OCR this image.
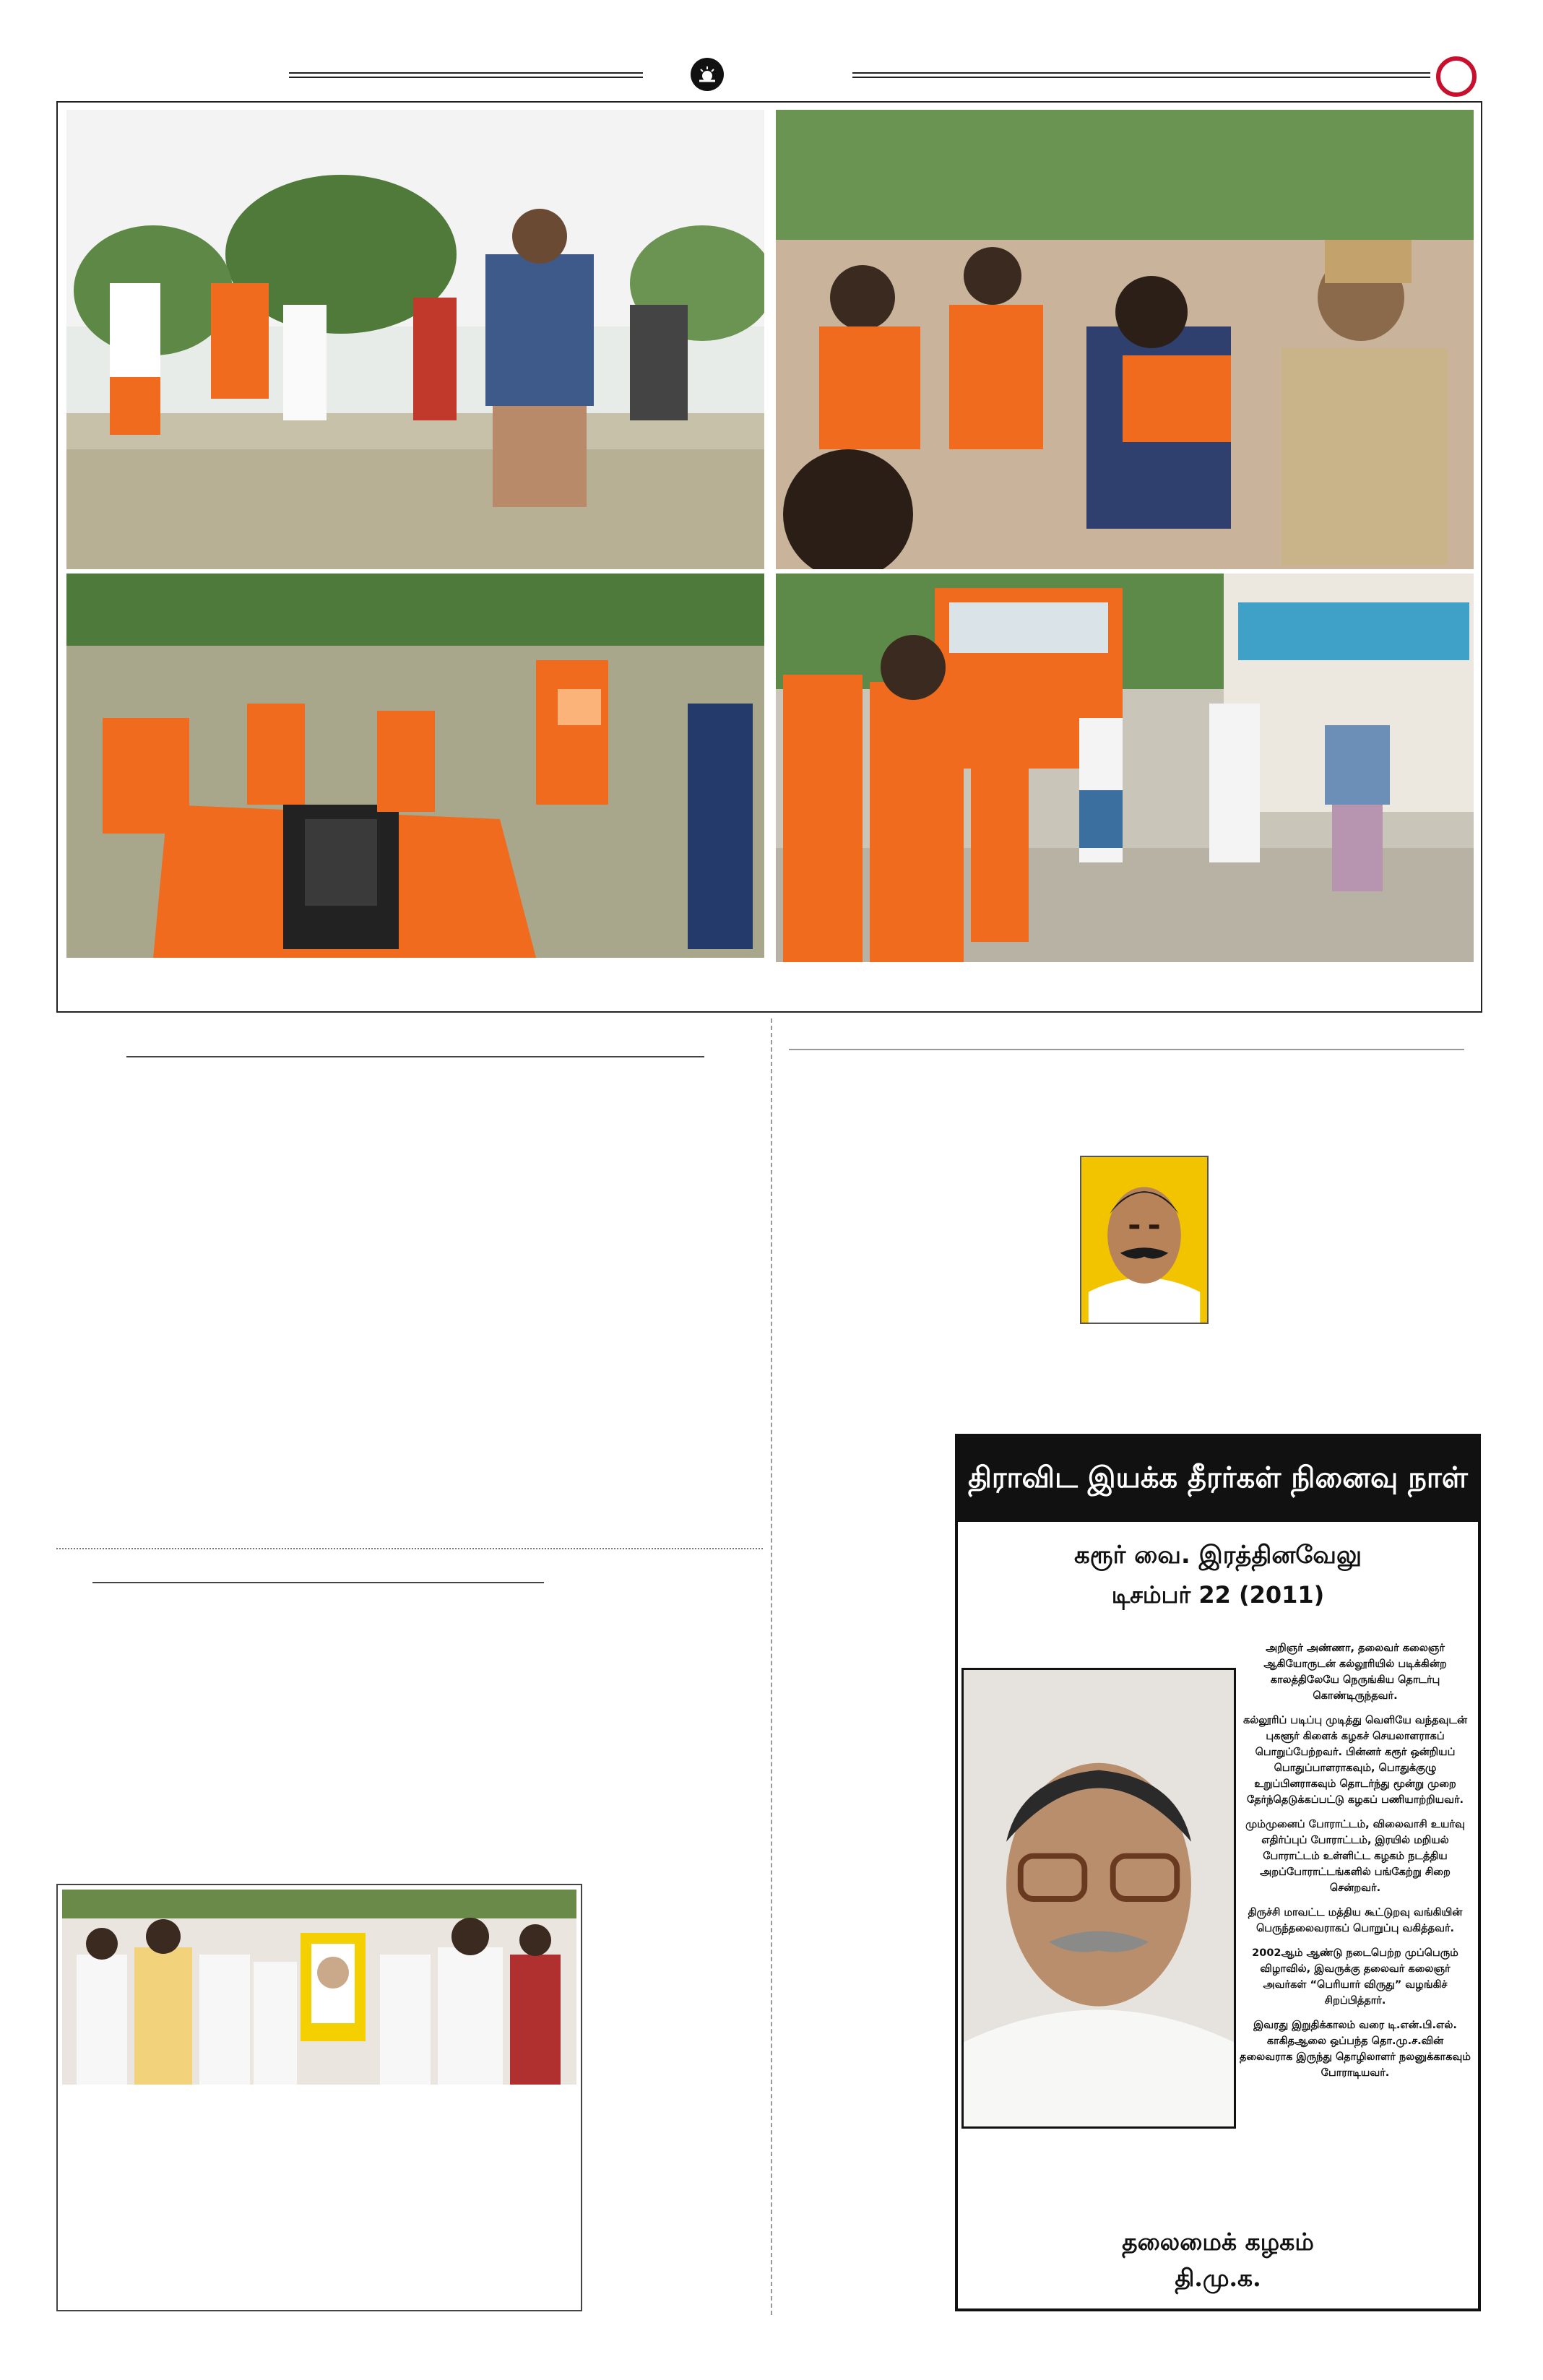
திராவிட இயக்க தீரர்கள் நினைவு நாள்
கரூர் வை. இரத்தினவேலு
டிசம்பர் 22 (2011)

அறிஞர் அண்ணா, தலைவர் கலைஞர் ஆகியோருடன் கல்லூரியில் படிக்கின்ற காலத்திலேயே நெருங்கிய தொடர்பு கொண்டிருந்தவர்.

கல்லூரிப் படிப்பு முடித்து வெளியே வந்தவுடன் புகளூர் கிளைக் கழகச் செயலாளராகப் பொறுப்பேற்றவர். பின்னர் கரூர் ஒன்றியப் பொதுப்பாளராகவும், பொதுக்குழு உறுப்பினராகவும் தொடர்ந்து மூன்று முறை தேர்ந்தெடுக்கப்பட்டு கழகப் பணியாற்றியவர்.

மும்முனைப் போராட்டம், விலைவாசி உயர்வு எதிர்ப்புப் போராட்டம், இரயில் மறியல் போராட்டம் உள்ளிட்ட கழகம் நடத்திய அறப்போராட்டங்களில் பங்கேற்று சிறை சென்றவர்.

திருச்சி மாவட்ட மத்திய கூட்டுறவு வங்கியின் பெருந்தலைவராகப் பொறுப்பு வகித்தவர்.

2002ஆம் ஆண்டு நடைபெற்ற முப்பெரும் விழாவில், இவருக்கு தலைவர் கலைஞர் அவர்கள் “பெரியார் விருது” வழங்கிச் சிறப்பித்தார்.

இவரது இறுதிக்காலம் வரை டி.என்.பி.எல். காகிதஆலை ஒப்பந்த தொ.மு.ச.வின் தலைவராக இருந்து தொழிலாளர் நலனுக்காகவும் போராடியவர்.

தலைமைக் கழகம்
தி.மு.க.
